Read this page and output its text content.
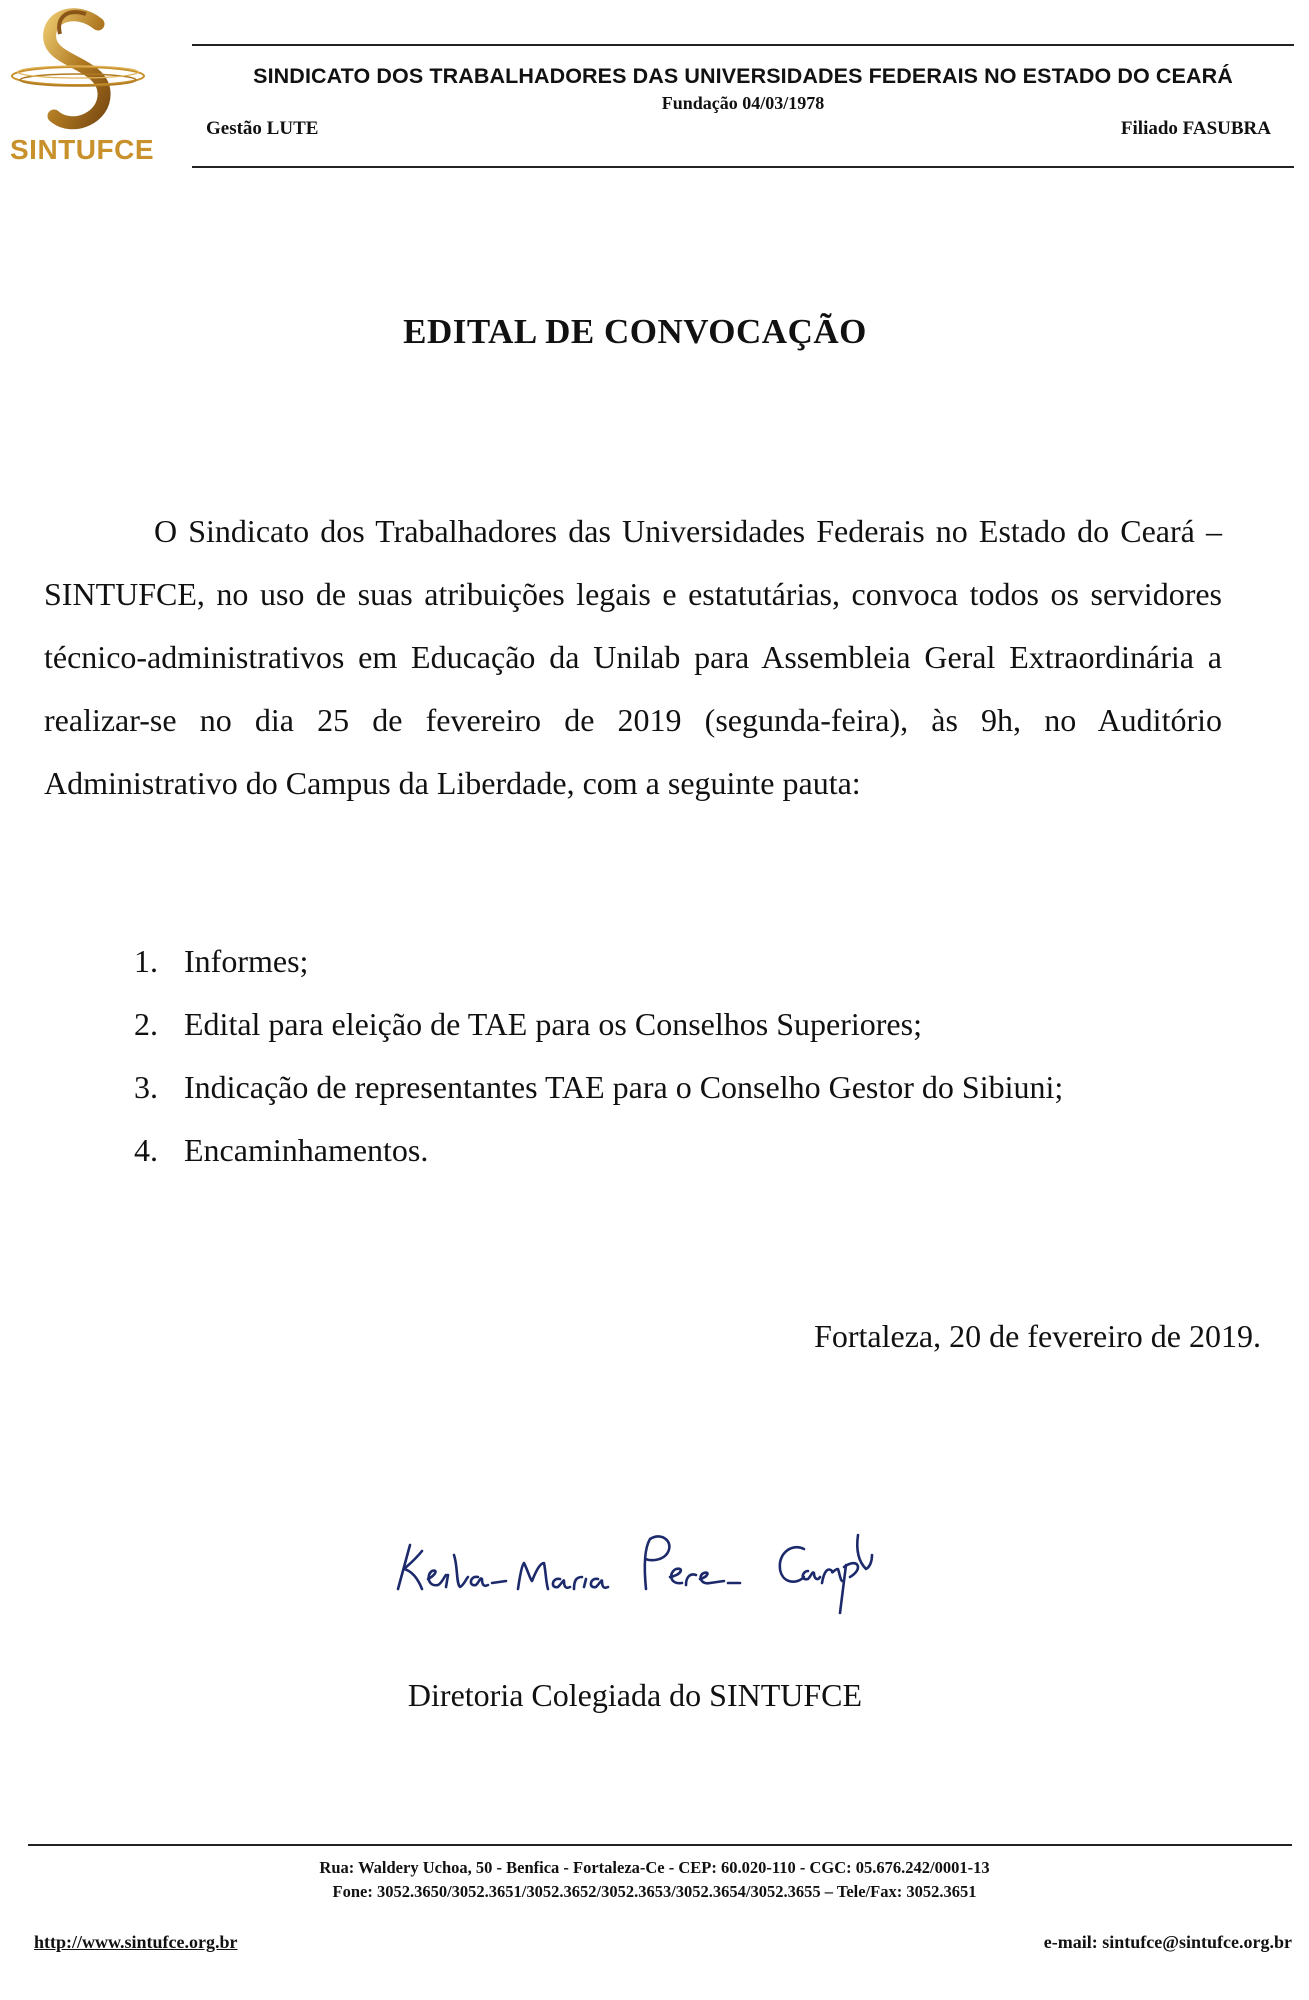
SINTUFCE
SINDICATO DOS TRABALHADORES DAS UNIVERSIDADES FEDERAIS NO ESTADO DO CEARÁ
Fundação 04/03/1978
Gestão LUTE	Filiado FASUBRA
EDITAL DE CONVOCAÇÃO

O Sindicato dos Trabalhadores das Universidades Federais no Estado do Ceará – SINTUFCE, no uso de suas atribuições legais e estatutárias, convoca todos os servidores técnico-administrativos em Educação da Unilab para Assembleia Geral Extraordinária a realizar-se no dia 25 de fevereiro de 2019 (segunda-feira), às 9h, no Auditório Administrativo do Campus da Liberdade, com a seguinte pauta:

1. Informes;
2. Edital para eleição de TAE para os Conselhos Superiores;
3. Indicação de representantes TAE para o Conselho Gestor do Sibiuni;
4. Encaminhamentos.
Fortaleza, 20 de fevereiro de 2019.
Diretoria Colegiada do SINTUFCE
Rua: Waldery Uchoa, 50 - Benfica - Fortaleza-Ce - CEP: 60.020-110 - CGC: 05.676.242/0001-13
Fone: 3052.3650/3052.3651/3052.3652/3052.3653/3052.3654/3052.3655 – Tele/Fax: 3052.3651
http://www.sintufce.org.br	e-mail: sintufce@sintufce.org.br
